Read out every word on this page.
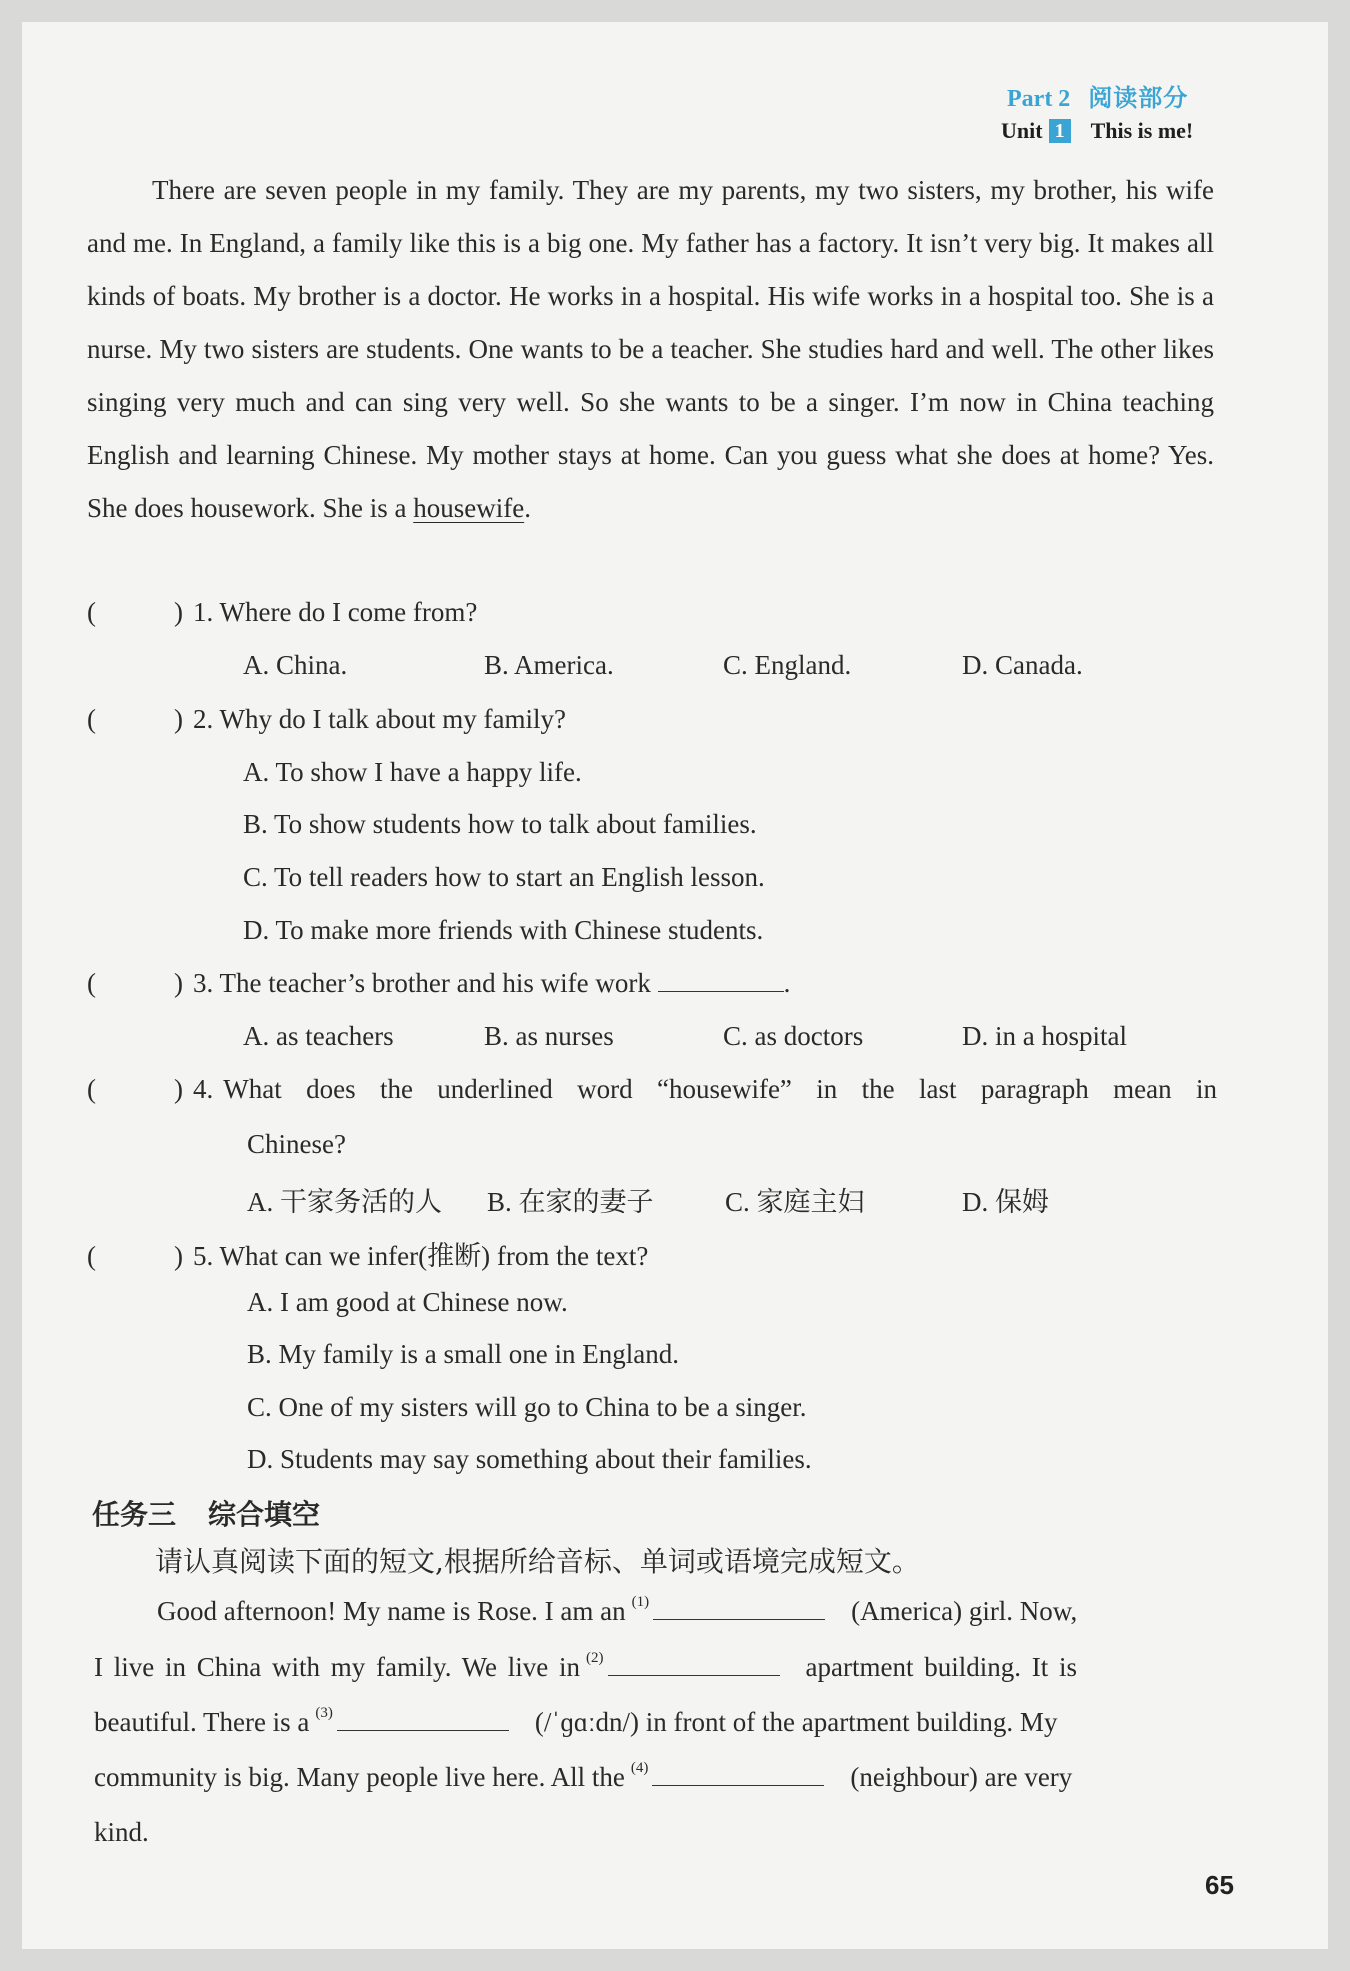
Part 2 阅读部分
Unit 1 This is me!

There are seven people in my family. They are my parents, my two sisters, my brother, his wife and me. In England, a family like this is a big one. My father has a factory. It isn’t very big. It makes all kinds of boats. My brother is a doctor. He works in a hospital. His wife works in a hospital too. She is a nurse. My two sisters are students. One wants to be a teacher. She studies hard and well. The other likes singing very much and can sing very well. So she wants to be a singer. I’m now in China teaching English and learning Chinese. My mother stays at home. Can you guess what she does at home? Yes. She does housework. She is a housewife.

(	) 1. Where do I come from?
A. China.	B. America.	C. England.	D. Canada.
(	) 2. Why do I talk about my family?
A. To show I have a happy life.
B. To show students how to talk about families.
C. To tell readers how to start an English lesson.
D. To make more friends with Chinese students.
(	) 3. The teacher’s brother and his wife work	.
A. as teachers	B. as nurses	C. as doctors	D. in a hospital
(	) 4. What does the underlined word “housewife” in the last paragraph mean in
Chinese?
A. 干家务活的人 B. 在家的妻子	C. 家庭主妇	D. 保姆
(	) 5. What can we infer(推断) from the text?
A. I am good at Chinese now.
B. My family is a small one in England.
C. One of my sisters will go to China to be a singer.
D. Students may say something about their families.
任务三 综合填空
请认真阅读下面的短文,根据所给音标、单词或语境完成短文。
Good afternoon! My name is Rose. I am an $^{(1)}$	(America) girl. Now,
I live in China with my family. We live in $^{(2)}$	apartment building. It is
beautiful. There is a $^{(3)}$	(/ˈɡɑːdn/) in front of the apartment building. My
community is big. Many people live here. All the $^{(4)}$	(neighbour) are very
kind.
65
